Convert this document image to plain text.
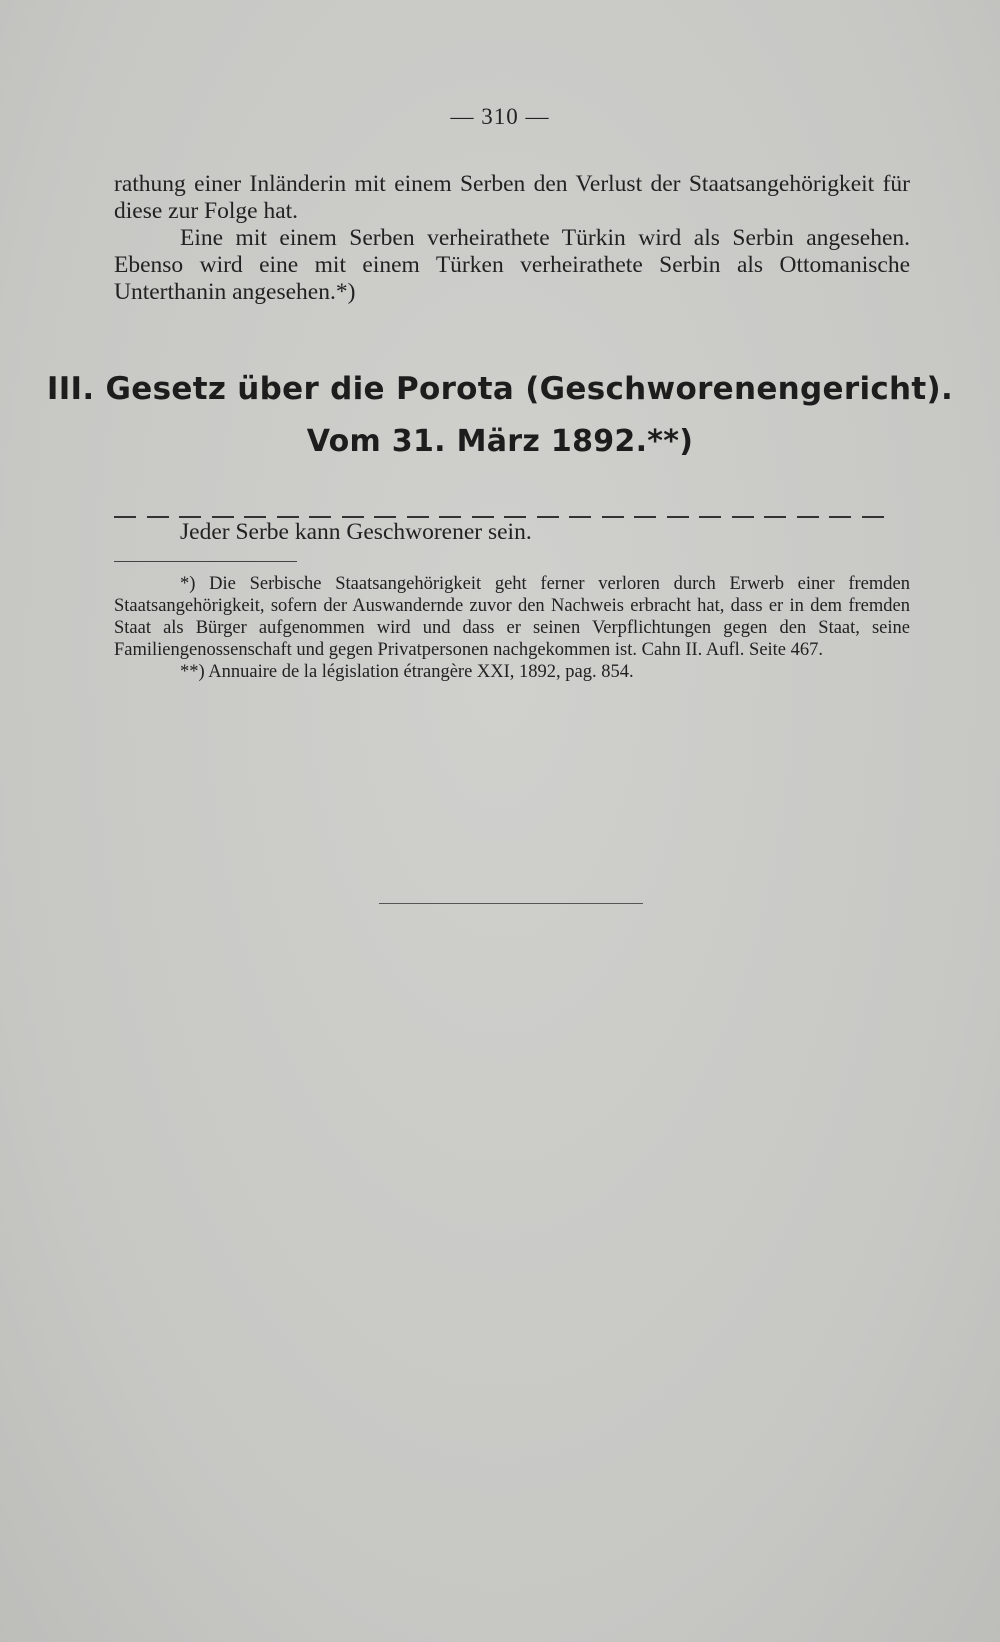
— 310 —
rathung einer Inländerin mit einem Serben den Verlust der Staatsangehörigkeit für diese zur Folge hat.
Eine mit einem Serben verheirathete Türkin wird als Serbin angesehen. Ebenso wird eine mit einem Türken verheirathete Serbin als Ottomanische Unterthanin angesehen.*)
III. Gesetz über die Porota (Geschworenengericht).
Vom 31. März 1892.**)
Jeder Serbe kann Geschworener sein.

*) Die Serbische Staatsangehörigkeit geht ferner verloren durch Erwerb einer fremden Staatsangehörigkeit, sofern der Auswandernde zuvor den Nachweis erbracht hat, dass er in dem fremden Staat als Bürger aufgenommen wird und dass er seinen Verpflichtungen gegen den Staat, seine Familiengenossenschaft und gegen Privatpersonen nachgekommen ist. Cahn II. Aufl. Seite 467.

**) Annuaire de la législation étrangère XXI, 1892, pag. 854.
